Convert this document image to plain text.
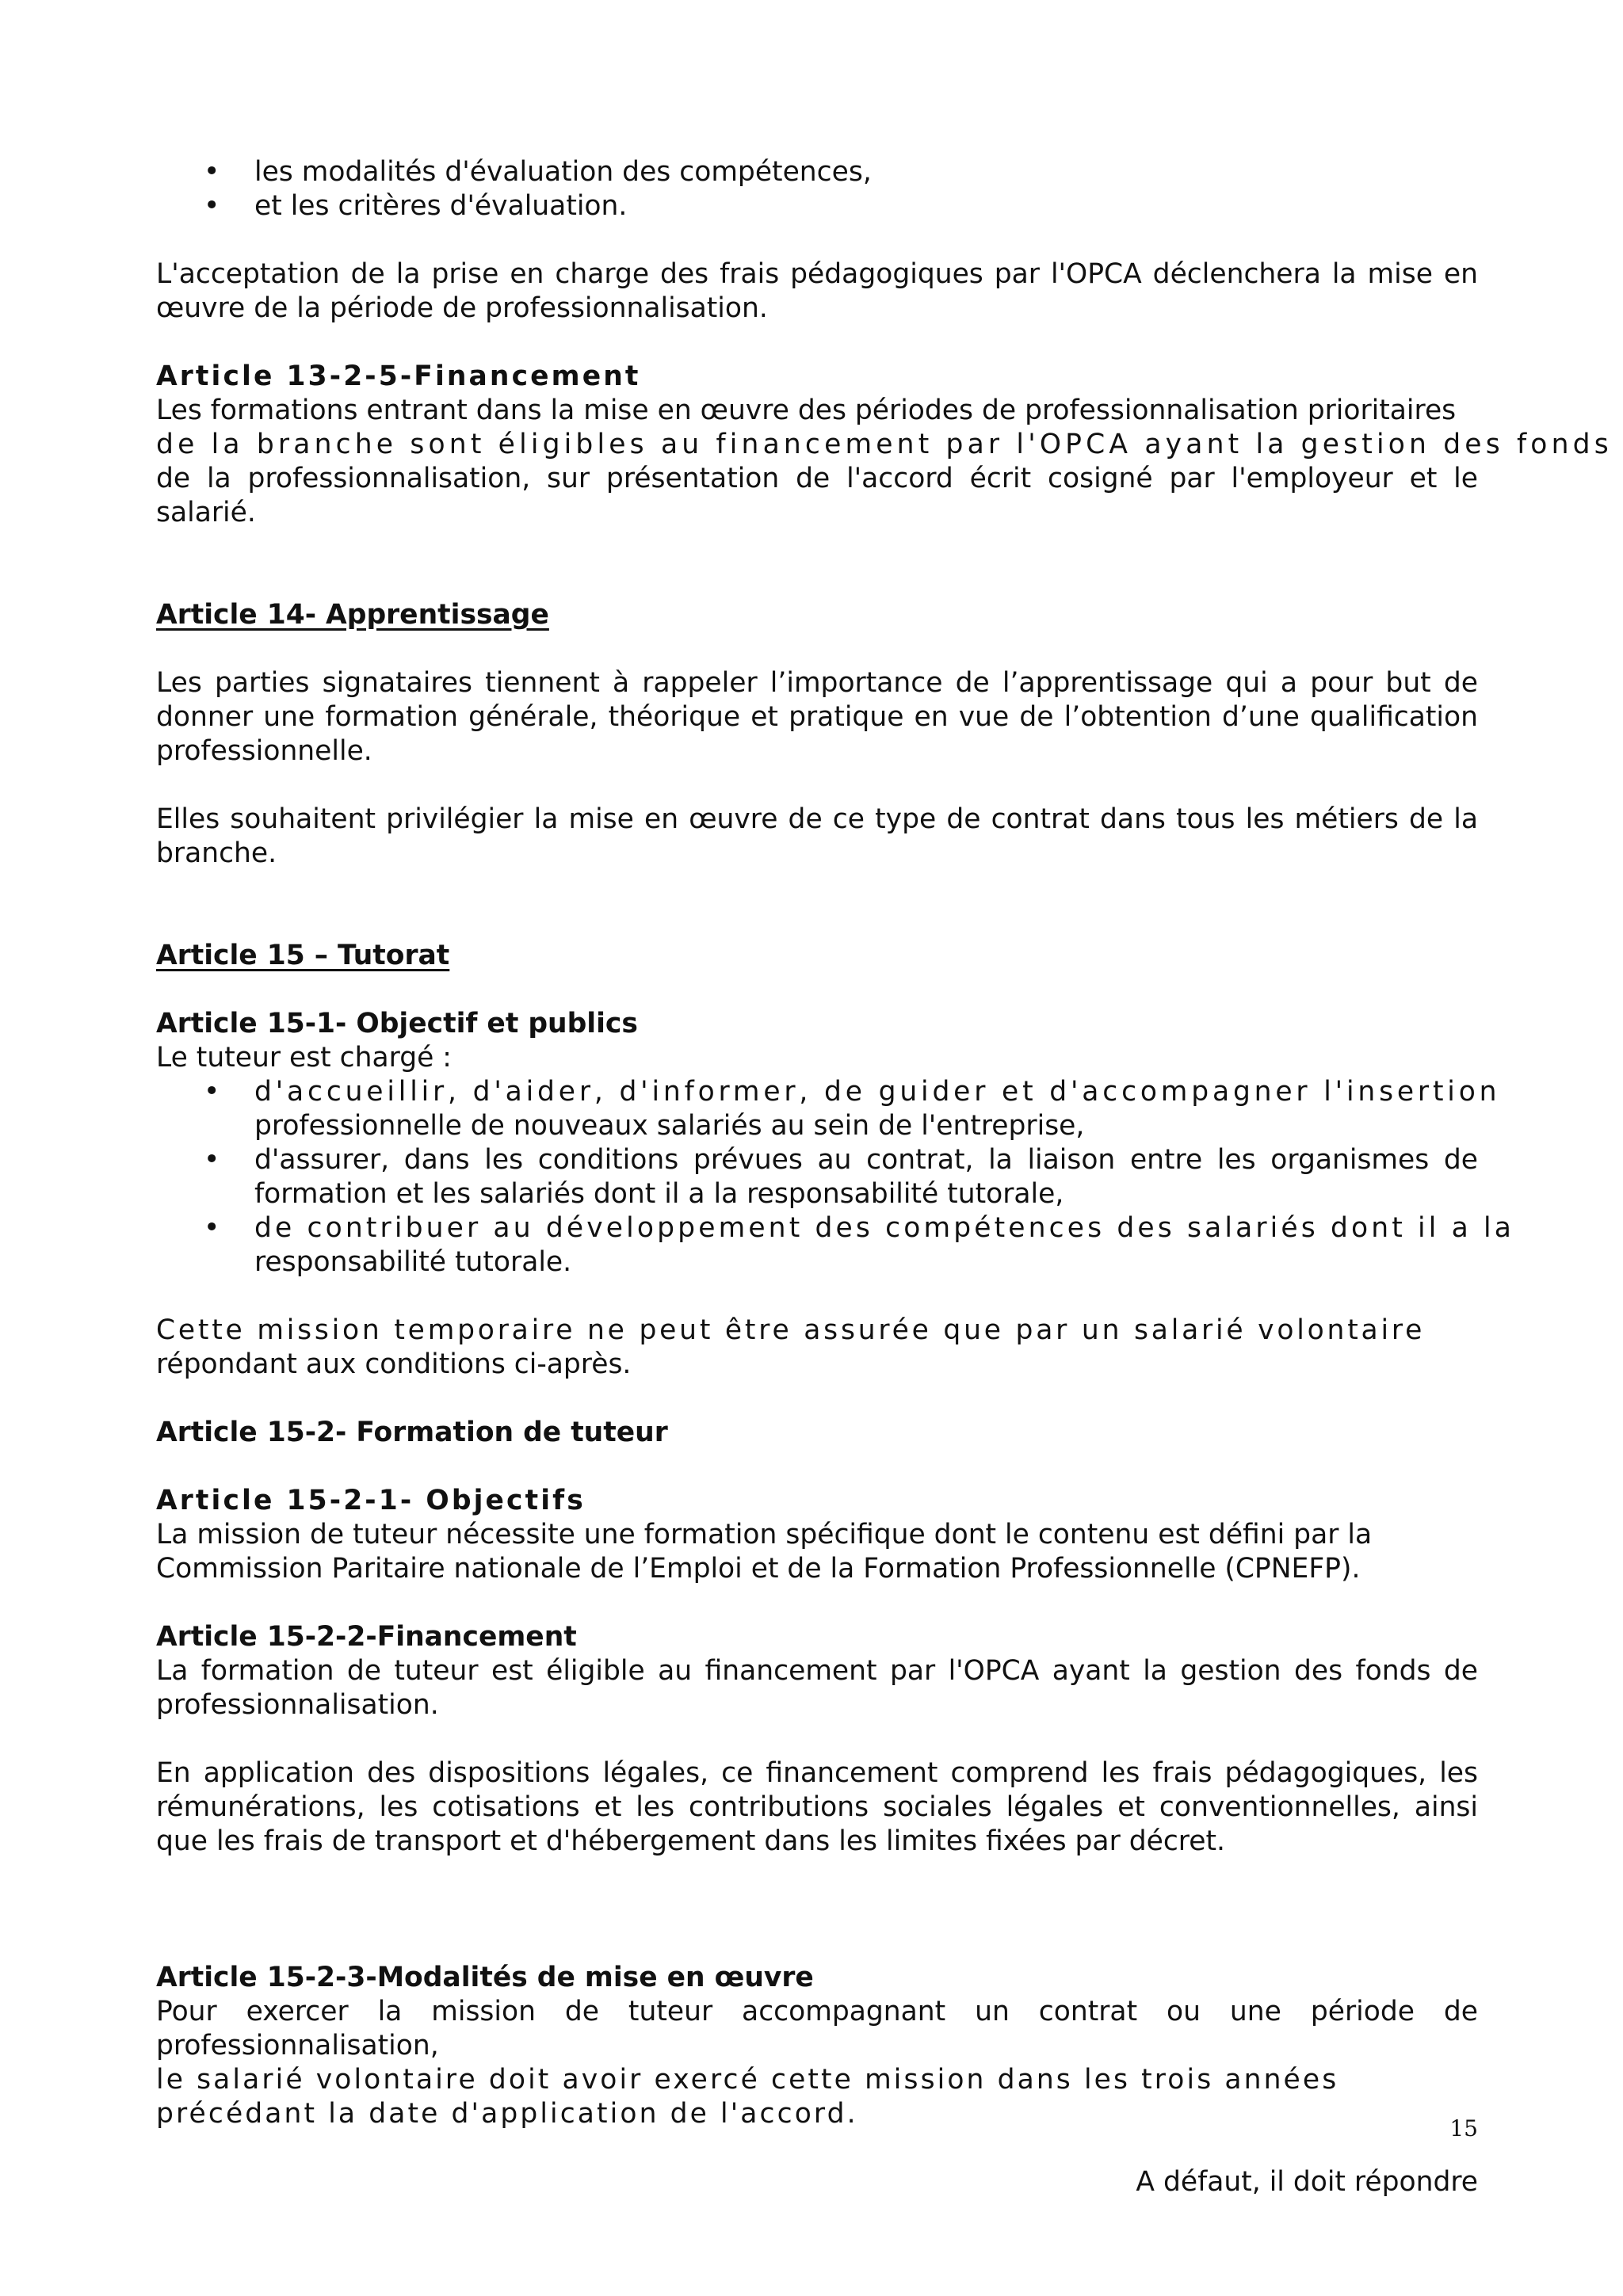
• les modalités d'évaluation des compétences,
• et les critères d'évaluation.

L'acceptation de la prise en charge des frais pédagogiques par l'OPCA déclenchera la mise en œuvre de la période de professionnalisation.

Article 13-2-5-Financement

Les formations entrant dans la mise en œuvre des périodes de professionnalisation prioritaires

de la branche sont éligibles au financement par l'OPCA ayant la gestion des fonds

de la professionnalisation, sur présentation de l'accord écrit cosigné par l'employeur et le salarié.

Article 14- Apprentissage

Les parties signataires tiennent à rappeler l’importance de l’apprentissage qui a pour but de donner une formation générale, théorique et pratique en vue de l’obtention d’une qualification professionnelle.

Elles souhaitent privilégier la mise en œuvre de ce type de contrat dans tous les métiers de la branche.

Article 15 – Tutorat

Article 15-1- Objectif et publics

Le tuteur est chargé :

• d'accueillir, d'aider, d'informer, de guider et d'accompagner l'insertion
professionnelle de nouveaux salariés au sein de l'entreprise,
• d'assurer, dans les conditions prévues au contrat, la liaison entre les organismes de formation et les salariés dont il a la responsabilité tutorale,
• de contribuer au développement des compétences des salariés dont il a la
responsabilité tutorale.

Cette mission temporaire ne peut être assurée que par un salarié volontaire

répondant aux conditions ci-après.

Article 15-2- Formation de tuteur

Article 15-2-1- Objectifs

La mission de tuteur nécessite une formation spécifique dont le contenu est défini par la Commission Paritaire nationale de l’Emploi et de la Formation Professionnelle (CPNEFP).

Article 15-2-2-Financement

La formation de tuteur est éligible au financement par l'OPCA ayant la gestion des fonds de professionnalisation.

En application des dispositions légales, ce financement comprend les frais pédagogiques, les rémunérations, les cotisations et les contributions sociales légales et conventionnelles, ainsi que les frais de transport et d'hébergement dans les limites fixées par décret.

Article 15-2-3-Modalités de mise en œuvre

Pour exercer la mission de tuteur accompagnant un contrat ou une période de professionnalisation,

le salarié volontaire doit avoir exercé cette mission dans les trois années précédant la date d'application de l'accord.

A défaut, il doit répondre

15
